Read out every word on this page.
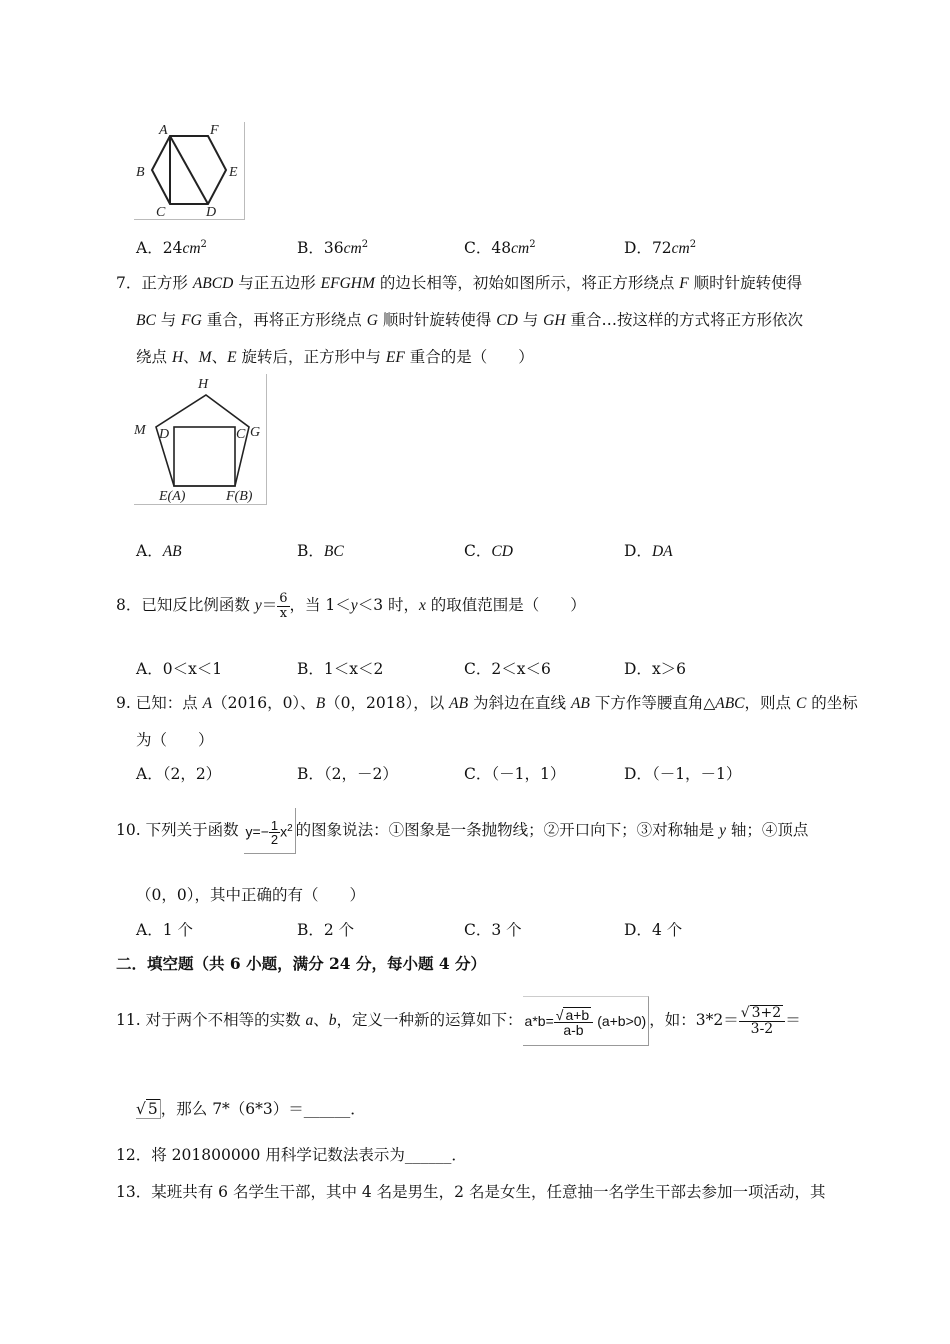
A	F
B	E
C	D
A．$24cm^2$	B．$36cm^2$	C．$48cm^2$	D．$72cm^2$
7．正方形 ABCD 与正五边形 EFGHM 的边长相等，初始如图所示，将正方形绕点 F 顺时针旋转使得
BC 与 FG 重合，再将正方形绕点 G 顺时针旋转使得 CD 与 GH 重合…按这样的方式将正方形依次
绕点 H、M、E 旋转后，正方形中与 EF 重合的是（　　）
H
M D	C G
E(A)	F(B)
A．AB	B．BC	C．CD	D．DA
8．已知反比例函数 $y= \frac{6}{x}$ ，当 1＜y＜3 时，x 的取值范围是（　　）
A．0＜x＜1	B．1＜x＜2	C．2＜x＜6	D．x＞6
9. 已知：点 A（2016，0）、B（0，2018），以 AB 为斜边在直线 AB 下方作等腰直角△ABC，则点 C 的坐标
为（　　）
A．（2，2）	B．（2，－2）	C．（－1，1）	D．（－1，－1）
10. 下列关于函数 $y=- \frac{1}{2} x^2$ 的图象说法：①图象是一条抛物线；②开口向下；③对称轴是 y 轴；④顶点
（0，0），其中正确的有（　　）
A．1 个	B．2 个	C．3 个	D．4 个
二．填空题（共 6 小题，满分 24 分，每小题 4 分）
11. 对于两个不相等的实数 a、b，定义一种新的运算如下： a*b= √ $\frac{a+b}{a-b} (a+b>0)$ ，如：3*2＝ √ $\frac{3+2}{3-2}$ ＝
√ 5 ，那么 7*（6*3）＝______．
12．将 201800000 用科学记数法表示为______．
13．某班共有 6 名学生干部，其中 4 名是男生，2 名是女生，任意抽一名学生干部去参加一项活动，其
